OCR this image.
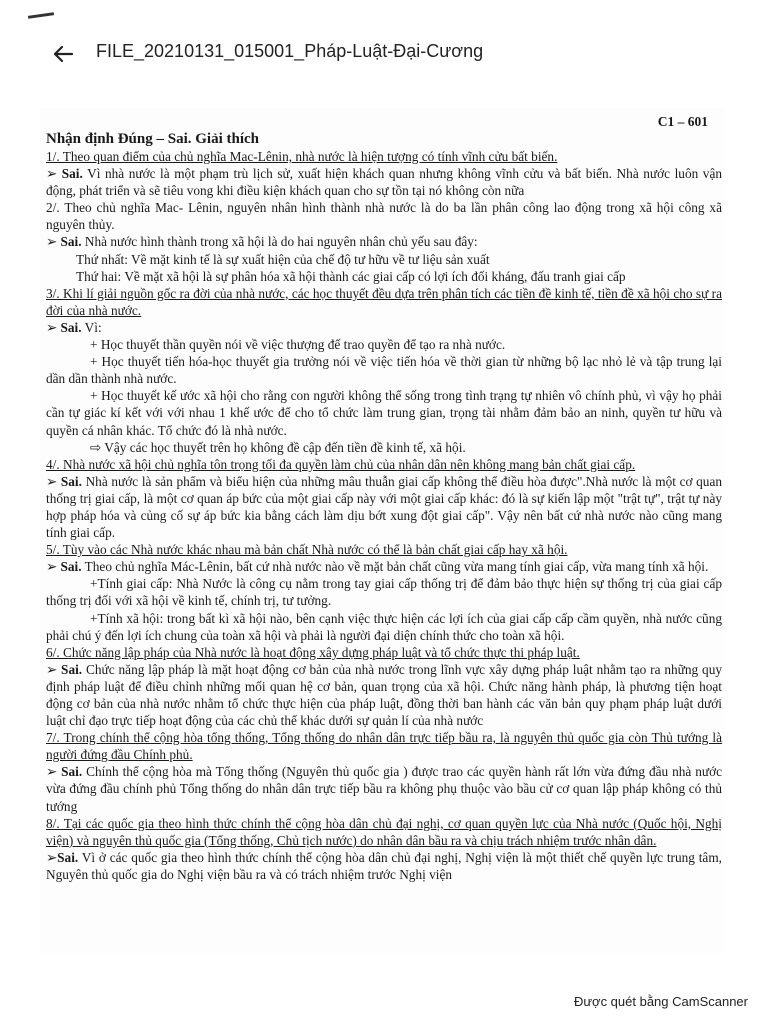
FILE_20210131_015001_Pháp-Luật-Đại-Cương
C1 – 601

Nhận định Đúng – Sai. Giải thích

1/. Theo quan điểm của chủ nghĩa Mac-Lênin, nhà nước là hiện tượng có tính vĩnh cửu bất biến.

➢ Sai. Vì nhà nước là một phạm trù lịch sử, xuất hiện khách quan nhưng không vĩnh cửu và bất biến. Nhà nước luôn vận động, phát triển và sẽ tiêu vong khi điều kiện khách quan cho sự tồn tại nó không còn nữa

2/. Theo chủ nghĩa Mac- Lênin, nguyên nhân hình thành nhà nước là do ba lần phân công lao động trong xã hội công xã nguyên thủy.

➢ Sai. Nhà nước hình thành trong xã hội là do hai nguyên nhân chủ yếu sau đây:

Thứ nhất: Về mặt kinh tế là sự xuất hiện của chế độ tư hữu về tư liệu sản xuất

Thứ hai: Về mặt xã hội là sự phân hóa xã hội thành các giai cấp có lợi ích đối kháng, đấu tranh giai cấp

3/. Khi lí giải nguồn gốc ra đời của nhà nước, các học thuyết đều dựa trên phân tích các tiền đề kinh tế, tiền đề xã hội cho sự ra đời của nhà nước.

➢ Sai. Vì:

+ Học thuyết thần quyền nói về việc thượng đế trao quyền để tạo ra nhà nước.

+ Học thuyết tiến hóa-học thuyết gia trưởng nói về việc tiến hóa về thời gian từ những bộ lạc nhỏ lẻ và tập trung lại dần dần thành nhà nước.

+ Học thuyết kế ước xã hội cho rằng con người không thể sống trong tình trạng tự nhiên vô chính phủ, vì vậy họ phải cần tự giác kí kết với với nhau 1 khế ước để cho tổ chức làm trung gian, trọng tài nhằm đảm bảo an ninh, quyền tư hữu và quyền cá nhân khác. Tổ chức đó là nhà nước.

⇨ Vậy các học thuyết trên họ không đề cập đến tiền đề kinh tế, xã hội.

4/. Nhà nước xã hội chủ nghĩa tôn trọng tối đa quyền làm chủ của nhân dân nên không mang bản chất giai cấp.

➢ Sai. Nhà nước là sản phẩm và biểu hiện của những mâu thuẫn giai cấp không thể điều hòa được".Nhà nước là một cơ quan thống trị giai cấp, là một cơ quan áp bức của một giai cấp này với một giai cấp khác: đó là sự kiến lập một "trật tự", trật tự này hợp pháp hóa và củng cố sự áp bức kia bằng cách làm dịu bớt xung đột giai cấp". Vậy nên bất cứ nhà nước nào cũng mang tính giai cấp.

5/. Tùy vào các Nhà nước khác nhau mà bản chất Nhà nước có thể là bản chất giai cấp hay xã hội.

➢ Sai. Theo chủ nghĩa Mác-Lênin, bất cứ nhà nước nào về mặt bản chất cũng vừa mang tính giai cấp, vừa mang tính xã hội.

+Tính giai cấp: Nhà Nước là công cụ nằm trong tay giai cấp thống trị để đảm bảo thực hiện sự thống trị của giai cấp thống trị đối với xã hội về kinh tế, chính trị, tư tưởng.

+Tính xã hội: trong bất kì xã hội nào, bên cạnh việc thực hiện các lợi ích của giai cấp cấp cầm quyền, nhà nước cũng phải chú ý đến lợi ích chung của toàn xã hội và phải là người đại diện chính thức cho toàn xã hội.

6/. Chức năng lập pháp của Nhà nước là hoạt động xây dựng pháp luật và tổ chức thực thi pháp luật.

➢ Sai. Chức năng lập pháp là mặt hoạt động cơ bản của nhà nước trong lĩnh vực xây dựng pháp luật nhằm tạo ra những quy định pháp luật để điều chỉnh những mối quan hệ cơ bản, quan trọng của xã hội. Chức năng hành pháp, là phương tiện hoạt động cơ bản của nhà nước nhằm tổ chức thực hiện của pháp luật, đồng thời ban hành các văn bản quy phạm pháp luật dưới luật chỉ đạo trực tiếp hoạt động của các chủ thể khác dưới sự quản lí của nhà nước

7/. Trong chính thể cộng hòa tổng thống, Tổng thống do nhân dân trực tiếp bầu ra, là nguyên thủ quốc gia còn Thủ tướng là người đứng đầu Chính phủ.

➢ Sai. Chính thể cộng hòa mà Tổng thống (Nguyên thủ quốc gia ) được trao các quyền hành rất lớn vừa đứng đầu nhà nước vừa đứng đầu chính phủ Tổng thống do nhân dân trực tiếp bầu ra không phụ thuộc vào bầu cử cơ quan lập pháp không có thủ tướng

8/. Tại các quốc gia theo hình thức chính thể cộng hòa dân chủ đại nghị, cơ quan quyền lực của Nhà nước (Quốc hội, Nghị viện) và nguyên thủ quốc gia (Tổng thống, Chủ tịch nước) do nhân dân bầu ra và chịu trách nhiệm trước nhân dân.

➢Sai. Vì ở các quốc gia theo hình thức chính thể cộng hòa dân chủ đại nghị, Nghị viện là một thiết chế quyền lực trung tâm, Nguyên thủ quốc gia do Nghị viện bầu ra và có trách nhiệm trước Nghị viện

Được quét bằng CamScanner
